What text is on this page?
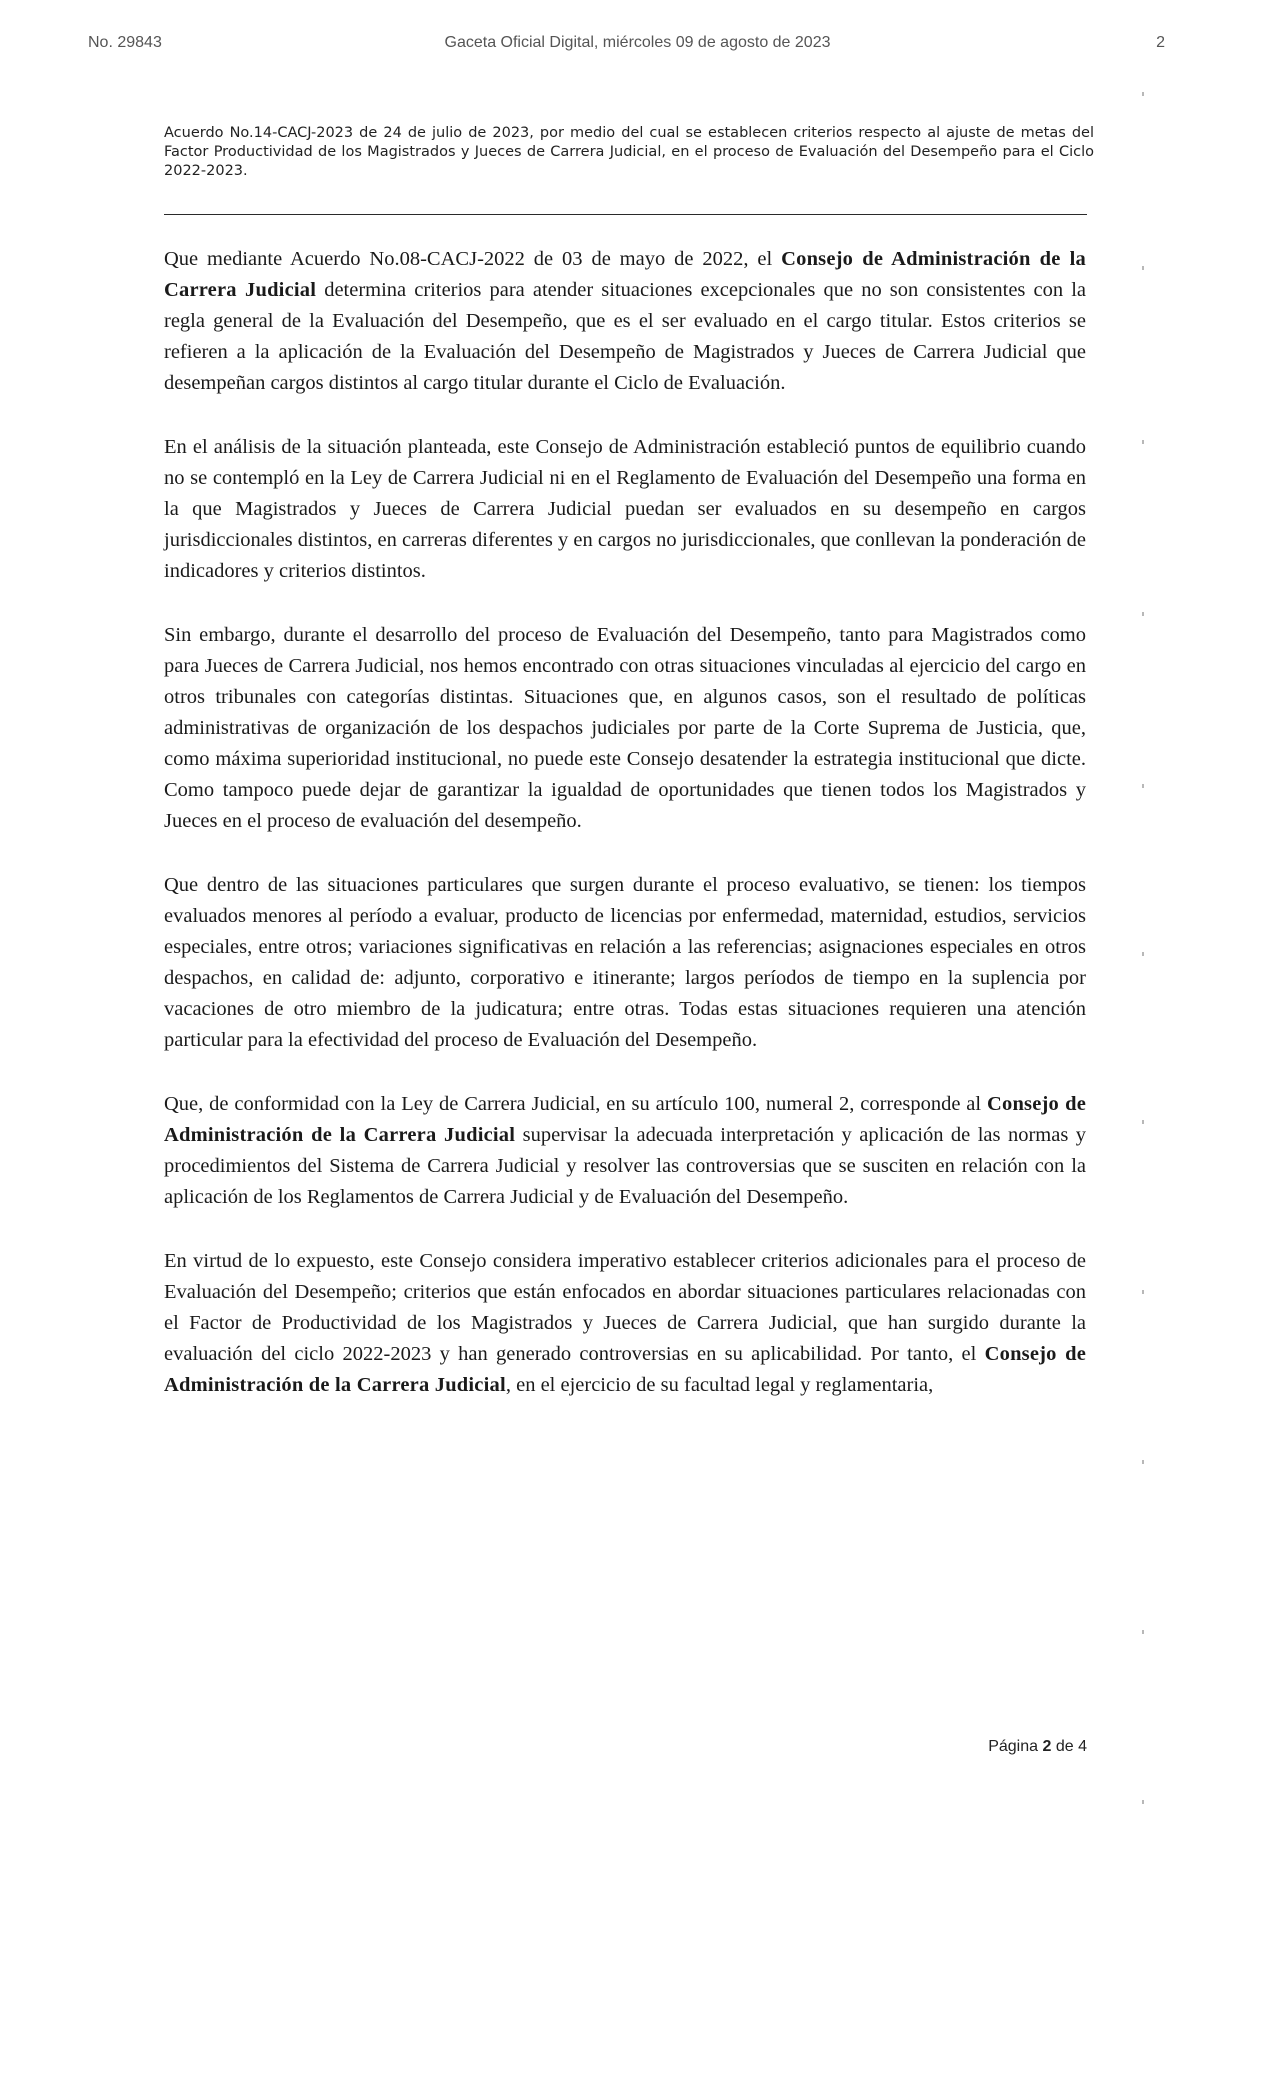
No. 29843	Gaceta Oficial Digital, miércoles 09 de agosto de 2023	2
Acuerdo No.14-CACJ-2023 de 24 de julio de 2023, por medio del cual se establecen criterios respecto al ajuste de metas del Factor Productividad de los Magistrados y Jueces de Carrera Judicial, en el proceso de Evaluación del Desempeño para el Ciclo 2022-2023.

Que mediante Acuerdo No.08-CACJ-2022 de 03 de mayo de 2022, el Consejo de Administración de la Carrera Judicial determina criterios para atender situaciones excepcionales que no son consistentes con la regla general de la Evaluación del Desempeño, que es el ser evaluado en el cargo titular. Estos criterios se refieren a la aplicación de la Evaluación del Desempeño de Magistrados y Jueces de Carrera Judicial que desempeñan cargos distintos al cargo titular durante el Ciclo de Evaluación.

En el análisis de la situación planteada, este Consejo de Administración estableció puntos de equilibrio cuando no se contempló en la Ley de Carrera Judicial ni en el Reglamento de Evaluación del Desempeño una forma en la que Magistrados y Jueces de Carrera Judicial puedan ser evaluados en su desempeño en cargos jurisdiccionales distintos, en carreras diferentes y en cargos no jurisdiccionales, que conllevan la ponderación de indicadores y criterios distintos.

Sin embargo, durante el desarrollo del proceso de Evaluación del Desempeño, tanto para Magistrados como para Jueces de Carrera Judicial, nos hemos encontrado con otras situaciones vinculadas al ejercicio del cargo en otros tribunales con categorías distintas. Situaciones que, en algunos casos, son el resultado de políticas administrativas de organización de los despachos judiciales por parte de la Corte Suprema de Justicia, que, como máxima superioridad institucional, no puede este Consejo desatender la estrategia institucional que dicte. Como tampoco puede dejar de garantizar la igualdad de oportunidades que tienen todos los Magistrados y Jueces en el proceso de evaluación del desempeño.

Que dentro de las situaciones particulares que surgen durante el proceso evaluativo, se tienen: los tiempos evaluados menores al período a evaluar, producto de licencias por enfermedad, maternidad, estudios, servicios especiales, entre otros; variaciones significativas en relación a las referencias; asignaciones especiales en otros despachos, en calidad de: adjunto, corporativo e itinerante; largos períodos de tiempo en la suplencia por vacaciones de otro miembro de la judicatura; entre otras. Todas estas situaciones requieren una atención particular para la efectividad del proceso de Evaluación del Desempeño.

Que, de conformidad con la Ley de Carrera Judicial, en su artículo 100, numeral 2, corresponde al Consejo de Administración de la Carrera Judicial supervisar la adecuada interpretación y aplicación de las normas y procedimientos del Sistema de Carrera Judicial y resolver las controversias que se susciten en relación con la aplicación de los Reglamentos de Carrera Judicial y de Evaluación del Desempeño.

En virtud de lo expuesto, este Consejo considera imperativo establecer criterios adicionales para el proceso de Evaluación del Desempeño; criterios que están enfocados en abordar situaciones particulares relacionadas con el Factor de Productividad de los Magistrados y Jueces de Carrera Judicial, que han surgido durante la evaluación del ciclo 2022-2023 y han generado controversias en su aplicabilidad. Por tanto, el Consejo de Administración de la Carrera Judicial, en el ejercicio de su facultad legal y reglamentaria,

Página 2 de 4
